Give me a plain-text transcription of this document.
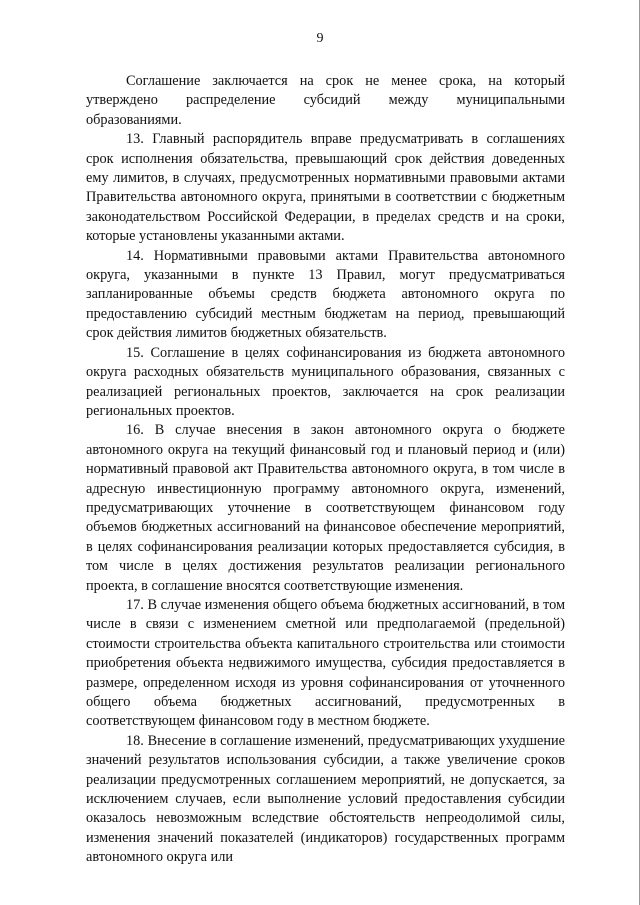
9

Соглашение заключается на срок не менее срока, на который утверждено распределение субсидий между муниципальными образованиями.

13. Главный распорядитель вправе предусматривать в соглашениях срок исполнения обязательства, превышающий срок действия доведенных ему лимитов, в случаях, предусмотренных нормативными правовыми актами Правительства автономного округа, принятыми в соответствии с бюджетным законодательством Российской Федерации, в пределах средств и на сроки, которые установлены указанными актами.

14. Нормативными правовыми актами Правительства автономного округа, указанными в пункте 13 Правил, могут предусматриваться запланированные объемы средств бюджета автономного округа по предоставлению субсидий местным бюджетам на период, превышающий срок действия лимитов бюджетных обязательств.

15. Соглашение в целях софинансирования из бюджета автономного округа расходных обязательств муниципального образования, связанных с реализацией региональных проектов, заключается на срок реализации региональных проектов.

16. В случае внесения в закон автономного округа о бюджете автономного округа на текущий финансовый год и плановый период и (или) нормативный правовой акт Правительства автономного округа, в том числе в адресную инвестиционную программу автономного округа, изменений, предусматривающих уточнение в соответствующем финансовом году объемов бюджетных ассигнований на финансовое обеспечение мероприятий, в целях софинансирования реализации которых предоставляется субсидия, в том числе в целях достижения результатов реализации регионального проекта, в соглашение вносятся соответствующие изменения.

17. В случае изменения общего объема бюджетных ассигнований, в том числе в связи с изменением сметной или предполагаемой (предельной) стоимости строительства объекта капитального строительства или стоимости приобретения объекта недвижимого имущества, субсидия предоставляется в размере, определенном исходя из уровня софинансирования от уточненного общего объема бюджетных ассигнований, предусмотренных в соответствующем финансовом году в местном бюджете.

18. Внесение в соглашение изменений, предусматривающих ухудшение значений результатов использования субсидии, а также увеличение сроков реализации предусмотренных соглашением мероприятий, не допускается, за исключением случаев, если выполнение условий предоставления субсидии оказалось невозможным вследствие обстоятельств непреодолимой силы, изменения значений показателей (индикаторов) государственных программ автономного округа или
